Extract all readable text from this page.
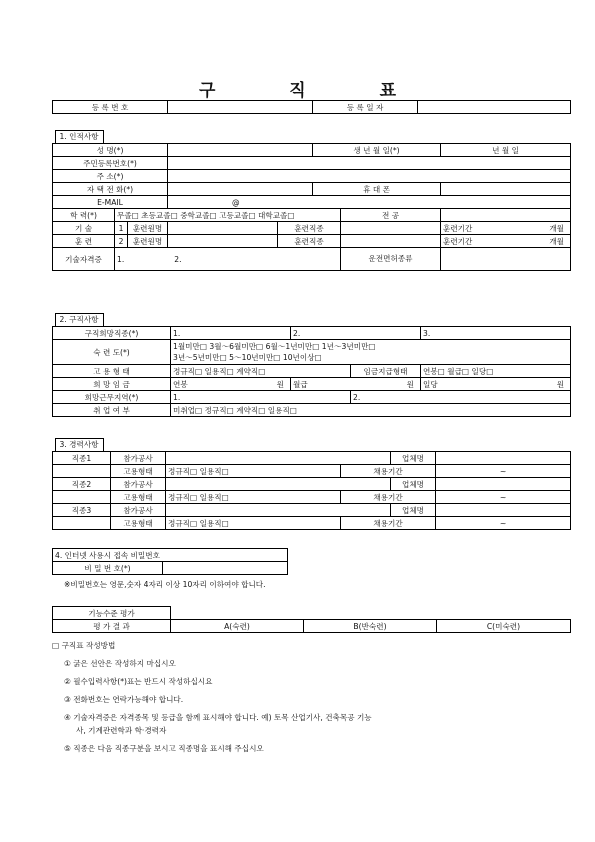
구 직 표
등 록 번 호		등 록 일 자	
1. 인적사항							
성 명(*)					생 년 월 일(*)		년 월 일
주민등록번호(*)							
주 소(*)							
자 택 전 화(*)					휴 대 폰		
E-MAIL			@				
학 력(*)	무졸□ 초등교졸□ 중학교졸□ 고등교졸□ 대학교졸□					전 공	
기 술	1	훈련원명		훈련직종			훈련기간 개월

훈 련	2	훈련원명		훈련직종			훈련기간 개월

기술자격증	1. 2.					운전면허종류	
2. 구직사항				
구직희망직종(*)	1.	2.		3.
숙 련 도(*)	1월미만□ 3월～6월미만□ 6월～1년미만□ 1년～3년미만□
3년～5년미만□ 5～10년미만□ 10년이상□			

고 용 형 태	정규직□ 일용직□ 계약직□		임금지급형태	연봉□ 월급□ 일당□
희 망 임 금	연봉 원	월급 원		일당 원

희망근무지역(*)	1.		2.	
취 업 여 부	미취업□ 정규직□ 계약직□ 일용직□			
3. 경력사항					
직종1	참가공사			업체명	
	고용형태	정규직□ 일용직□	채용기간		~
직종2	참가공사			업체명	
	고용형태	정규직□ 일용직□	채용기간		~
직종3	참가공사			업체명	
	고용형태	정규직□ 일용직□	채용기간		~
4. 인터넷 사용시 접속 비밀번호
비 밀 번 호(*)	
※비밀번호는 영문,숫자 4자리 이상 10자리 이하여야 합니다.
기능수준 평가			
평 가 결 과	A(숙련)	B(반숙련)	C(미숙련)
□ 구직표 작성방법
① 굵은 선안은 작성하지 마십시오
② 필수입력사항(*)표는 반드시 작성하십시요
③ 전화번호는 연락가능해야 합니다.
④ 기술자격증은 자격종목 및 등급을 함께 표시해야 합니다. 예) 토목 산업기사, 건축목공 기능
사, 기계관련학과 학·경력자
⑤ 직종은 다음 직종구분을 보시고 직종명을 표시해 주십시오
